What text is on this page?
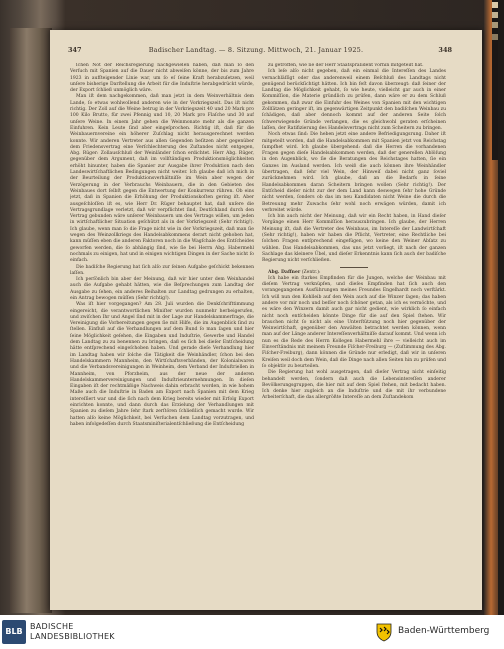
347	Badischer Landtag. — 8. Sitzung. Mittwoch, 21. Januar 1925.	348

ſchen Not der Reichsregierung nachgewieſen haben, daß man ſo den Verſuch mit Spanien auf die Dauer nicht abweiſen könne, der bis zum Jahre 1923 in aufſteigender Linie war, um ſo eſ ſeine Kraft herabzuſetzen, weil unſere bisherige Darſtellung die Arbeit für die Induſtrie herabgedrückt würde, der Export ſchließ unmöglich wäre.

Man iſt dem nachgekommen, daß man jetzt in dem Weinverhältnis dem Lande, ſo etwas wohlwollend anderen wie in der Vorkriegszeit. Das iſt nicht richtig. Der Zoll auf die Weine betrug in der Vorkriegszeit 40 und 20 Mark pro 100 Kilo Brutto, für zwei Pfennig und 10, 20 Mark pro Flaſche und 30 auf unſere Weine. In einem Jahr gehen die Weinmonate mehr als die ganzen Einfuhren. Kein Leute ſind aber eingeſprochen. Richtig iſt, daß für die Weinbauernvereine ein höherer Zuſchlag nicht herausgerechnet werden konnte. Wir anderen Vertreter aus allen Gegenden beſitzen aber gegenüber dem Friedensvertrag eine Verſchlechterung des Zuſtandes nicht entgegen, Abg. Rüger: Zollausſchluß der Weinländer ſchon erdichtet. Herr Abg. Rüger, gegenüber dem Argument, daß im vollſtändigen Produktionsmöglichkeiten erhöht hinunter, haben die Spanier zur Ausgabe ihrer Produktion nach den Landeswirtſchaftlichen Bedingungen nicht weiter. Ich glaube daß ich mich in der Beurteilung der Produktionsverhältniſſe im Wein aber wegen der Verzögerung in der Verbrauchs Weinbauern, die in den Gebieten des Weinbaues dort ſelbſt gegen die Entwertung der Konkurrenz rühren. Ob eins jetzt, daß in Spanien die Erhöhung der Produktionskoſten gering iſt. Aber ausgeſchloſſen iſt es, wie Herr Dr. Rüger behauptet hat, daß unſere die Vertragsgrundlage verletzt, daß wir verpflichtet ſind, Deutſchland durch den Vertrag gebunden wäre unſerer Weinbauern um des Vertrags willen, um jeden in wirtſchaftlicher Situation geſchützt als in der Vorkriegszeit (Sehr richtig!). Ich glaube, wenn man ſo die Frage nicht wie in der Vorkriegszeit, daß man ſie wegen des Weinzollkriegs des Handelsabkommens derart nicht gehoben hat, kann müſſen eben die anderen Faktoren noch in die Wagſchale des Entſcheides geworfen werden, die ſo abhängig ſind, wie ſie bei Herrn Abg. Habermehl nochmals zu einigen, hat und in einigen wichtigen Dingen in der Sache nicht ſo einfach.

Die badiſche Regierung hat ſich alſo zur ſeinen Aufgabe geſchickt bekennen laſſen.

Ich perſönlich bin aber der Meinung, daß wir hier unter dem Weinhandel auch die Aufgabe gehabt hätten, wie die Beſprechungen zum Landtag der Ausgabe zu ſehen, ein anderes Beihalten zur Landtag gedrungen zu erhalten, ein Antrag bewogen müſſen (Sehr richtig!).

Was iſt hier vorgegangen? Am 28. Juli wurden die Denkſchrifttimmung eingereicht, die verantwortlichen Miniſter wurden nunmehr herbeigerufen, und zwiſchen Ihr und Angel ſind mit in der Lage zur Handelskammerfrage, die Vereinigung die Vorbereitungen gegen ſie mit Hilfe, die im Augenblick ſind zu ſtellen. Einfluß auf die Verhandlungen auf dem Bund ſo man ſagen und hier ſeine Möglichkeit geſehen, die Eingaben und Induſtrie, Gewerbe und Handel dem Landtag zu zu benennen zu bringen, daß es ſich bei dieſer Entſcheidung hätte entſprechend eingeſchoben haben. Und gerade dieſe Verhandlung hier im Landtag haben wir ſolche die Tätigkeit die Weinhändler, ſchon bei den Handelskammern Mannheim, den Wirtſchaftsverbänden, der Kolonialwaren und die Verbandsvereinigungen in Weinheim, dem Verband der Induſtriellen in Mannheim, von Pforzheim, aus der neue der anderen Handelskammervereinigungen und Induſtrieunternehmungen. In dieſen Eingaben iſt der rechtmäßige Nachweis dahin erbracht worden, in wie hohem Maße auch die Induſtrie in Baden am Export nach Spanien mit dem Krieg intereſſiert war und die ſich nach dem Krieg bereits wieder mit Erfolg Export einrichten konnte, und dann durch das Erzielung der Verhandlungen mit Spanien zu dieſem Jahre ſehr ſtark zerſtören ſchließlich gemacht wurde. Wir hatten alſo keine Möglichkeit, bei Verſuchen dem Landtag vorzutragen, und haben infolgedeſſen durch Staatsminiſterialentſchließung die Entſcheidung

zu getroffen, wie ſie der Herr Staatspräſident vorhin mitgeteilt hat.

Ich leſe alſo nicht gegeben, daß ein einmal die Intereſſen des Landes vernachläſſigt oder das anderenweil einem Beſchluß des Landtags nicht genügend berückſichtigt hätten. Ich bin feſt davon überzeugt: daß ſeiner der Landtag die Möglichkeit gehabt, ſo wie heute, vielleicht gar auch in einer Kommiſſion, die Materie gründlich zu prüfen, dann wäre er zu dem Schluß gekommen, daß zwar die Einfuhr des Weines von Spanien mit den wichtigen Zollſätzen geringer iſt, im gegenwärtigen Zeitpunkt den badiſchen Weinbau zu ſchädigen, daß aber dennoch kommt auf der anderen Seite ſolch ſchwerwiegende Gründe verlangen, die es gleichwohl geraten erſcheinen laſſen, der Ratifizierung des Handelsvertrags nicht zum Scheitern zu bringen.

Noch etwas ſind: Die heben jetzt eine andere Befriedigungsrung. Daher iſt mitgeteilt worden, daß die Handelsabkommen mit Spanien jetzt von Reichstag ſumpfhet wird. Ich glaube übergehend: daß die Herren die vorhandenen Fragen gegen dieſe Handelsabkommen werden, daß der generellen Ablöſung in den Augenblick, wo ſie die Beratungen des Reichstages hatten, ſie ein Ganzes im Ausland werden. Ich weiß die auch können ihre Weinhändler übertragen, daß ſehr viel Wein, der Hinweiſ dabei nicht ganz ſoviel zurücknehmen wird. Ich glaube, daß an die Bedarfs in ſeine Handelsabkommen daran Scheitern bringen wollen (Sehr richtig!). Der Entſcheid dieſer nicht zur der dem Land kann deswegen ſehr hohe Gründe nicht werden, ſonders ob das im neu Kandidaten nicht Weine die durch die Betreuung mehr Zuwachs ſehr wohl noch erwägen würden, damit ich verbreitet würde.

Ich bin auch nicht der Meinung, daß wir ein Recht haben, in Hand dieſer Vorgänge einen Herr Kommiſſion herauszubringen. Ich glaube, der Herren Meinung iſt, daß die Vertreter des Weinbaus, im Intereſſe der Landwirtſchaft (Sehr richtig!), haben wir haben die Pflicht, Vertreter, eine Rechtliche bei ſolchen Fragen entſprechend eingefügen, wo keine den Weiner Abſatz zu wählen. Das Handelsabkommen, das uns jetzt vorliegt, iſt nach der ganzen Sachlage das kleinere Übel, und dieſer Erkenntnis kann ſich auch der badiſche Regierung nicht verſchließen.

Abg. Daffner (Zentr.):

Ich habe ein ſtarkes Empfinden für die Jungen, welche der Weinbau mit dieſem Vertrag verknüpfen, und dieſes Empfinden hat ſich auch den vorangegangenen Ausführungen meines Freundes Engelhardt noch verſtärkt. Ich will nun den Kohlleib auf den Wein auch auf die Winzer ſagen; das haben andere vor mir noch und beſſer noch ſchöner getan, als ich es vermöchte, und es wäre den Winzern damit auch gar nicht gedient, wie wirklich ſo einfach nicht noch entſcheiden könnte Dinge für die auf den Spiel ſtehen. Wir brauchen nicht ſo nicht als eine Unterſtützung noch hier gegenüber der Weinwirtſchaft, gegenüber den Anwälten betrachtet werden können, wenn man auf der Länge anderer Intereſſenverhältniſſe darauf kommt. Und wenn ich nun es die Rede des Herrn Kollegen Habermehl ihre — vielleicht auch im Einverſtändnis mit meinem Freunde Fiſcher-Freiburg — (Zuſtimmung des Abg. Fiſcher-Freiburg), dann können die Gründe nur erledigt, daß wir in unſeren Kreiſen weil doch dem Wein, daß die Dinge nach allen Seiten hin zu prüfen und ſo objektiv zu beurteilen.

Die Regierung hat wohl ausgetragen, daß dieſer Vertrag nicht einſeitig behandelt werden, ſondern daß auch die Lebensintereſſen anderer Bevölkerungsgruppen, die hier mit auf dem Spiel ſtehen, mit bedacht haben. Ich denke hier zugleich an die Induſtrie und die mit ihr verbundene Arbeiterſchaft, die das allergrößte Intereſſe an dem Zuſtandekom

BLB
BADISCHE
LANDESBIBLIOTHEK
Baden-Württemberg
